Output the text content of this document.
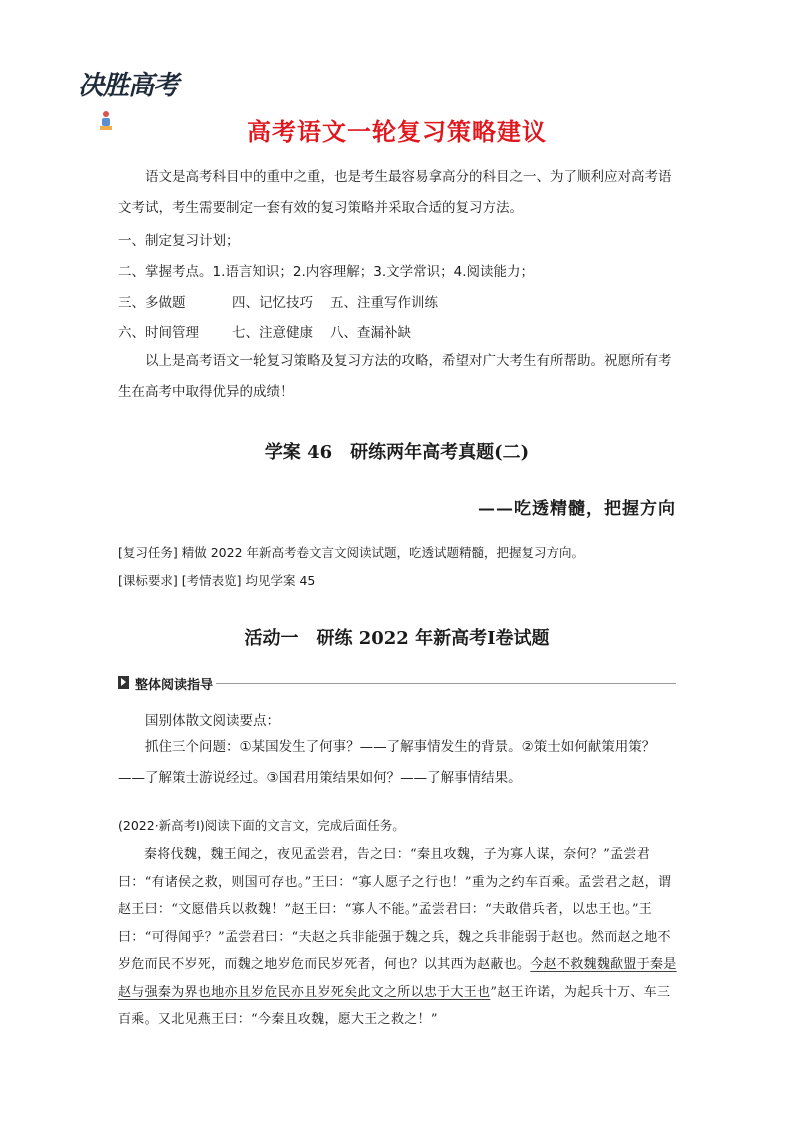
决胜高考
高考语文一轮复习策略建议

语文是高考科目中的重中之重，也是考生最容易拿高分的科目之一、为了顺利应对高考语文考试，考生需要制定一套有效的复习策略并采取合适的复习方法。

一、制定复习计划；

二、掌握考点。1.语言知识；2.内容理解；3.文学常识；4.阅读能力；

三、多做题	四、记忆技巧 五、注重写作训练

六、时间管理 七、注意健康 八、查漏补缺

以上是高考语文一轮复习策略及复习方法的攻略，希望对广大考生有所帮助。祝愿所有考生在高考中取得优异的成绩！

学案 46　研练两年高考真题(二)
——吃透精髓，把握方向
[复习任务] 精做 2022 年新高考卷文言文阅读试题，吃透试题精髓，把握复习方向。
[课标要求] [考情表览] 均见学案 45
活动一　研练 2022 年新高考Ⅰ卷试题
整体阅读指导

国别体散文阅读要点：

抓住三个问题：①某国发生了何事？——了解事情发生的背景。②策士如何献策用策？——了解策士游说经过。③国君用策结果如何？——了解事情结果。

(2022·新高考Ⅰ)阅读下面的文言文，完成后面任务。

秦将伐魏，魏王闻之，夜见孟尝君，告之曰：“秦且攻魏，子为寡人谋，奈何？”孟尝君曰：“有诸侯之救，则国可存也。”王曰：“寡人愿子之行也！”重为之约车百乘。孟尝君之赵，谓赵王曰：“文愿借兵以救魏！”赵王曰：“寡人不能。”孟尝君曰：“夫敢借兵者，以忠王也。”王曰：“可得闻乎？”孟尝君曰：“夫赵之兵非能强于魏之兵，魏之兵非能弱于赵也。然而赵之地不岁危而民不岁死，而魏之地岁危而民岁死者，何也？以其西为赵蔽也。今赵不救魏魏歃盟于秦是赵与强秦为界也地亦且岁危民亦且岁死矣此文之所以忠于大王也”赵王许诺，为起兵十万、车三百乘。又北见燕王曰：“今秦且攻魏，愿大王之救之！”
